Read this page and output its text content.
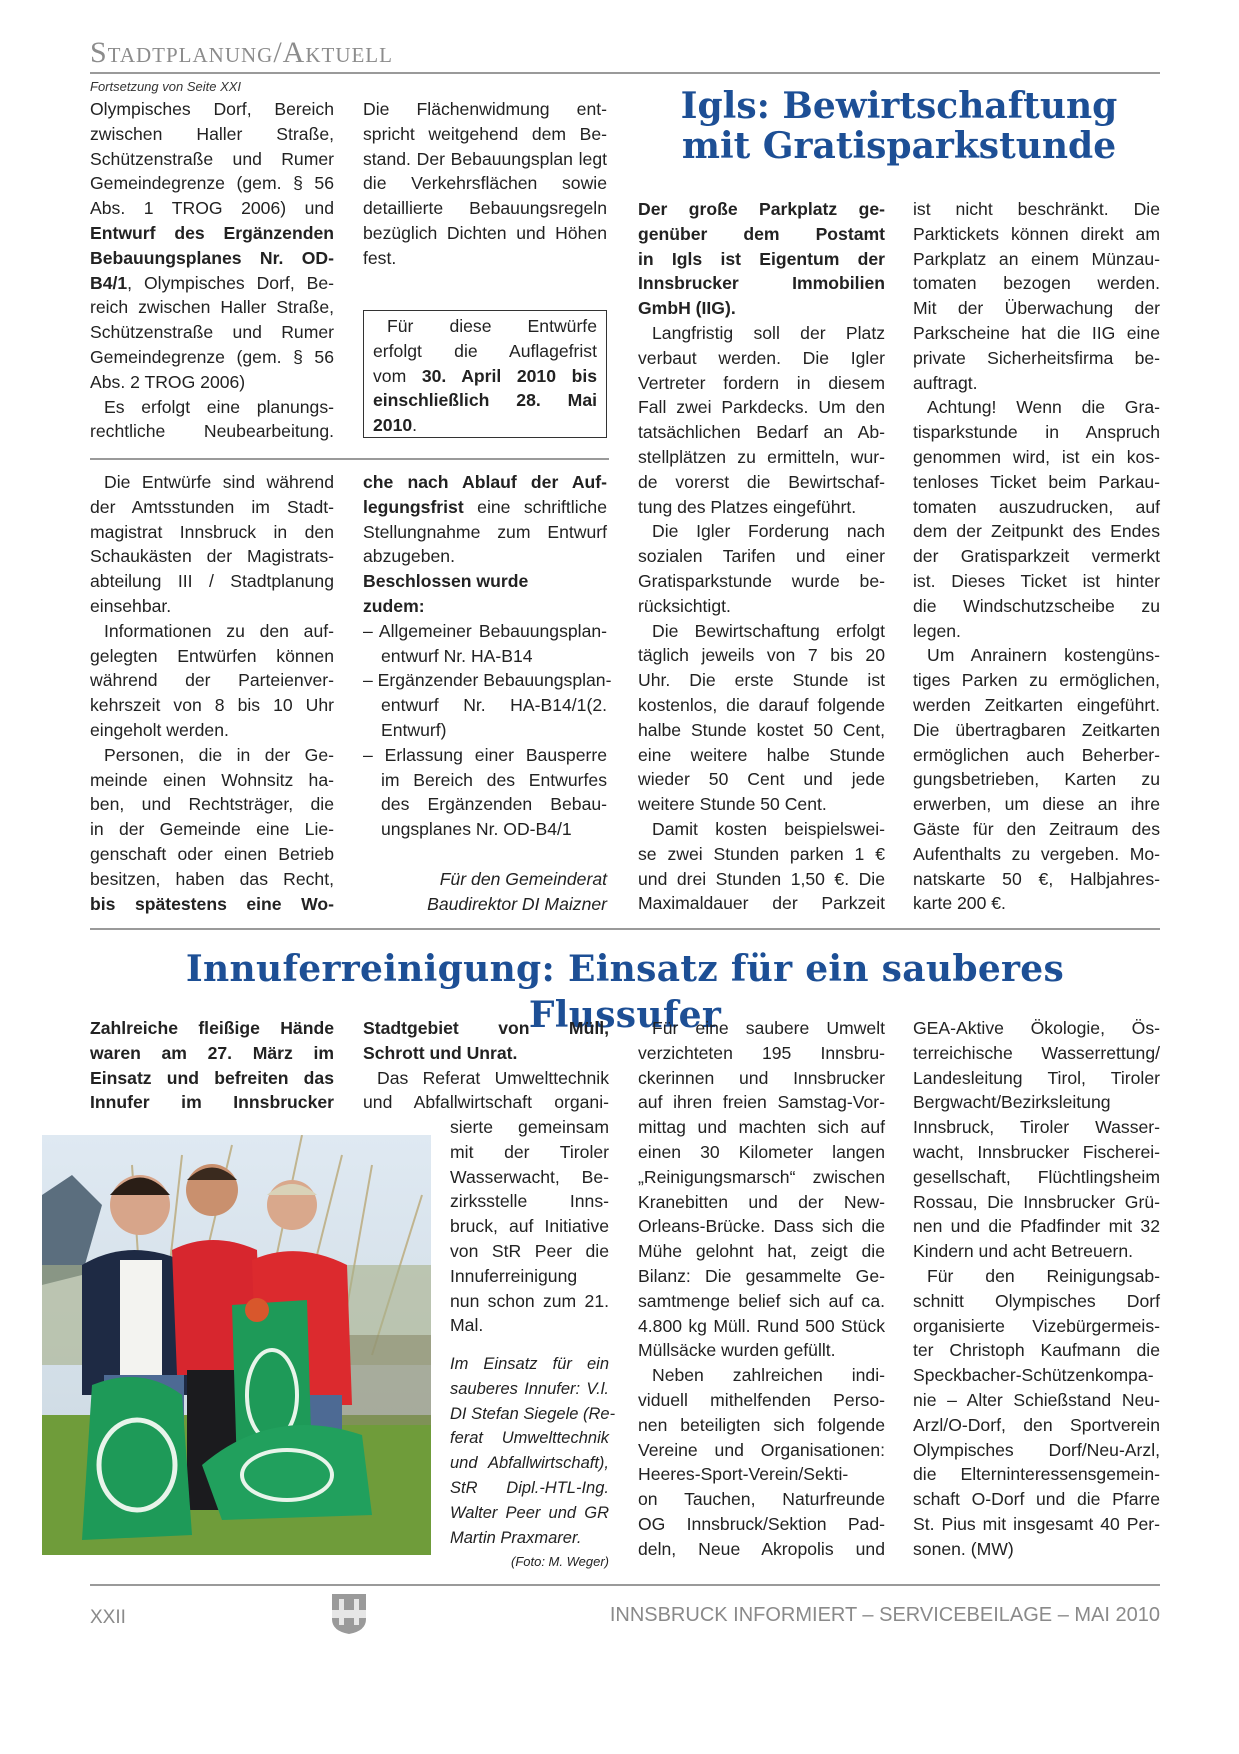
Stadtplanung/Aktuell
Fortsetzung von Seite XXI
Olympisches Dorf, Bereich
zwischen Haller Straße,
Schützenstraße und Rumer
Gemeindegrenze (gem. § 56
Abs. 1 TROG 2006) und
Entwurf des Ergänzenden
Bebauungsplanes Nr. OD-
B4/1, Olympisches Dorf, Be-
reich zwischen Haller Straße,
Schützenstraße und Rumer
Gemeindegrenze (gem. § 56
Abs. 2 TROG 2006)
Es erfolgt eine planungs-
rechtliche Neubearbeitung.
Die Flächenwidmung ent-
spricht weitgehend dem Be-
stand. Der Bebauungsplan legt
die Verkehrsflächen sowie
detaillierte Bebauungsregeln
bezüglich Dichten und Höhen
fest.
Für diese Entwürfe
erfolgt die Auflagefrist
vom 30. April 2010 bis
einschließlich 28. Mai
2010.
Die Entwürfe sind während
der Amtsstunden im Stadt-
magistrat Innsbruck in den
Schaukästen der Magistrats-
abteilung III / Stadtplanung
einsehbar.
Informationen zu den auf-
gelegten Entwürfen können
während der Parteienver-
kehrszeit von 8 bis 10 Uhr
eingeholt werden.
Personen, die in der Ge-
meinde einen Wohnsitz ha-
ben, und Rechtsträger, die
in der Gemeinde eine Lie-
genschaft oder einen Betrieb
besitzen, haben das Recht,
bis spätestens eine Wo-
che nach Ablauf der Auf-
legungsfrist eine schriftliche
Stellungnahme zum Entwurf
abzugeben.
Beschlossen wurde
zudem:
– Allgemeiner Bebauungsplan-
entwurf Nr. HA-B14
– Ergänzender Bebauungsplan-
entwurf Nr. HA-B14/1(2.
Entwurf)
– Erlassung einer Bausperre
im Bereich des Entwurfes
des Ergänzenden Bebau-
ungsplanes Nr. OD-B4/1
Für den Gemeinderat
Baudirektor DI Maizner
Igls: Bewirtschaftung
mit Gratisparkstunde
Der große Parkplatz ge-
genüber dem Postamt
in Igls ist Eigentum der
Innsbrucker Immobilien
GmbH (IIG).
Langfristig soll der Platz
verbaut werden. Die Igler
Vertreter fordern in diesem
Fall zwei Parkdecks. Um den
tatsächlichen Bedarf an Ab-
stellplätzen zu ermitteln, wur-
de vorerst die Bewirtschaf-
tung des Platzes eingeführt.
Die Igler Forderung nach
sozialen Tarifen und einer
Gratisparkstunde wurde be-
rücksichtigt.
Die Bewirtschaftung erfolgt
täglich jeweils von 7 bis 20
Uhr. Die erste Stunde ist
kostenlos, die darauf folgende
halbe Stunde kostet 50 Cent,
eine weitere halbe Stunde
wieder 50 Cent und jede
weitere Stunde 50 Cent.
Damit kosten beispielswei-
se zwei Stunden parken 1 €
und drei Stunden 1,50 €. Die
Maximaldauer der Parkzeit
ist nicht beschränkt. Die
Parktickets können direkt am
Parkplatz an einem Münzau-
tomaten bezogen werden.
Mit der Überwachung der
Parkscheine hat die IIG eine
private Sicherheitsfirma be-
auftragt.
Achtung! Wenn die Gra-
tisparkstunde in Anspruch
genommen wird, ist ein kos-
tenloses Ticket beim Parkau-
tomaten auszudrucken, auf
dem der Zeitpunkt des Endes
der Gratisparkzeit vermerkt
ist. Dieses Ticket ist hinter
die Windschutzscheibe zu
legen.
Um Anrainern kostengüns-
tiges Parken zu ermöglichen,
werden Zeitkarten eingeführt.
Die übertragbaren Zeitkarten
ermöglichen auch Beherber-
gungsbetrieben, Karten zu
erwerben, um diese an ihre
Gäste für den Zeitraum des
Aufenthalts zu vergeben. Mo-
natskarte 50 €, Halbjahres-
karte 200 €.
Innuferreinigung: Einsatz für ein sauberes Flussufer
Zahlreiche fleißige Hände
waren am 27. März im
Einsatz und befreiten das
Innufer im Innsbrucker
Stadtgebiet von Müll,
Schrott und Unrat.
Das Referat Umwelttechnik
und Abfallwirtschaft organi-
sierte gemeinsam
mit der Tiroler
Wasserwacht, Be-
zirksstelle Inns-
bruck, auf Initiative
von StR Peer die
Innuferreinigung
nun schon zum 21.
Mal.
Im Einsatz für ein
sauberes Innufer: V.l.
DI Stefan Siegele (Re-
ferat Umwelttechnik
und Abfallwirtschaft),
StR Dipl.-HTL-Ing.
Walter Peer und GR
Martin Praxmarer.
(Foto: M. Weger)
Für eine saubere Umwelt
verzichteten 195 Innsbru-
ckerinnen und Innsbrucker
auf ihren freien Samstag-Vor-
mittag und machten sich auf
einen 30 Kilometer langen
„Reinigungsmarsch“ zwischen
Kranebitten und der New-
Orleans-Brücke. Dass sich die
Mühe gelohnt hat, zeigt die
Bilanz: Die gesammelte Ge-
samtmenge belief sich auf ca.
4.800 kg Müll. Rund 500 Stück
Müllsäcke wurden gefüllt.
Neben zahlreichen indi-
viduell mithelfenden Perso-
nen beteiligten sich folgende
Vereine und Organisationen:
Heeres-Sport-Verein/Sekti-
on Tauchen, Naturfreunde
OG Innsbruck/Sektion Pad-
deln, Neue Akropolis und
GEA-Aktive Ökologie, Ös-
terreichische Wasserrettung/
Landesleitung Tirol, Tiroler
Bergwacht/Bezirksleitung
Innsbruck, Tiroler Wasser-
wacht, Innsbrucker Fischerei-
gesellschaft, Flüchtlingsheim
Rossau, Die Innsbrucker Grü-
nen und die Pfadfinder mit 32
Kindern und acht Betreuern.
Für den Reinigungsab-
schnitt Olympisches Dorf
organisierte Vizebürgermeis-
ter Christoph Kaufmann die
Speckbacher-Schützenkompa-
nie – Alter Schießstand Neu-
Arzl/O-Dorf, den Sportverein
Olympisches Dorf/Neu-Arzl,
die Elterninteressensgemein-
schaft O-Dorf und die Pfarre
St. Pius mit insgesamt 40 Per-
sonen. (MW)
XXII	INNSBRUCK INFORMIERT – SERVICEBEILAGE – MAI 2010
